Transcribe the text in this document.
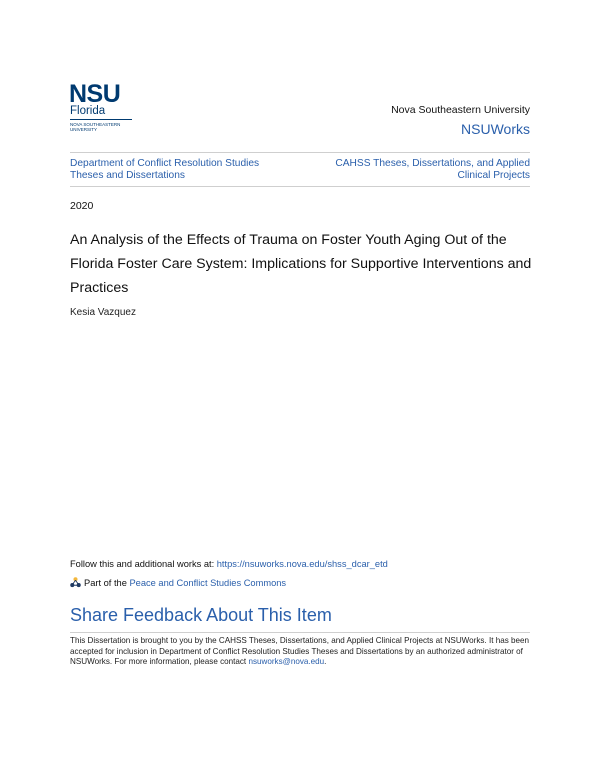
NSU
Florida
NOVA SOUTHEASTERN
UNIVERSITY
Nova Southeastern University
NSUWorks
Department of Conflict Resolution Studies Theses and Dissertations
CAHSS Theses, Dissertations, and Applied Clinical Projects
2020
An Analysis of the Effects of Trauma on Foster Youth Aging Out of the Florida Foster Care System: Implications for Supportive Interventions and Practices
Kesia Vazquez
Follow this and additional works at: https://nsuworks.nova.edu/shss_dcar_etd
Part of the Peace and Conflict Studies Commons
Share Feedback About This Item
This Dissertation is brought to you by the CAHSS Theses, Dissertations, and Applied Clinical Projects at NSUWorks. It has been accepted for inclusion in Department of Conflict Resolution Studies Theses and Dissertations by an authorized administrator of NSUWorks. For more information, please contact nsuworks@nova.edu.
